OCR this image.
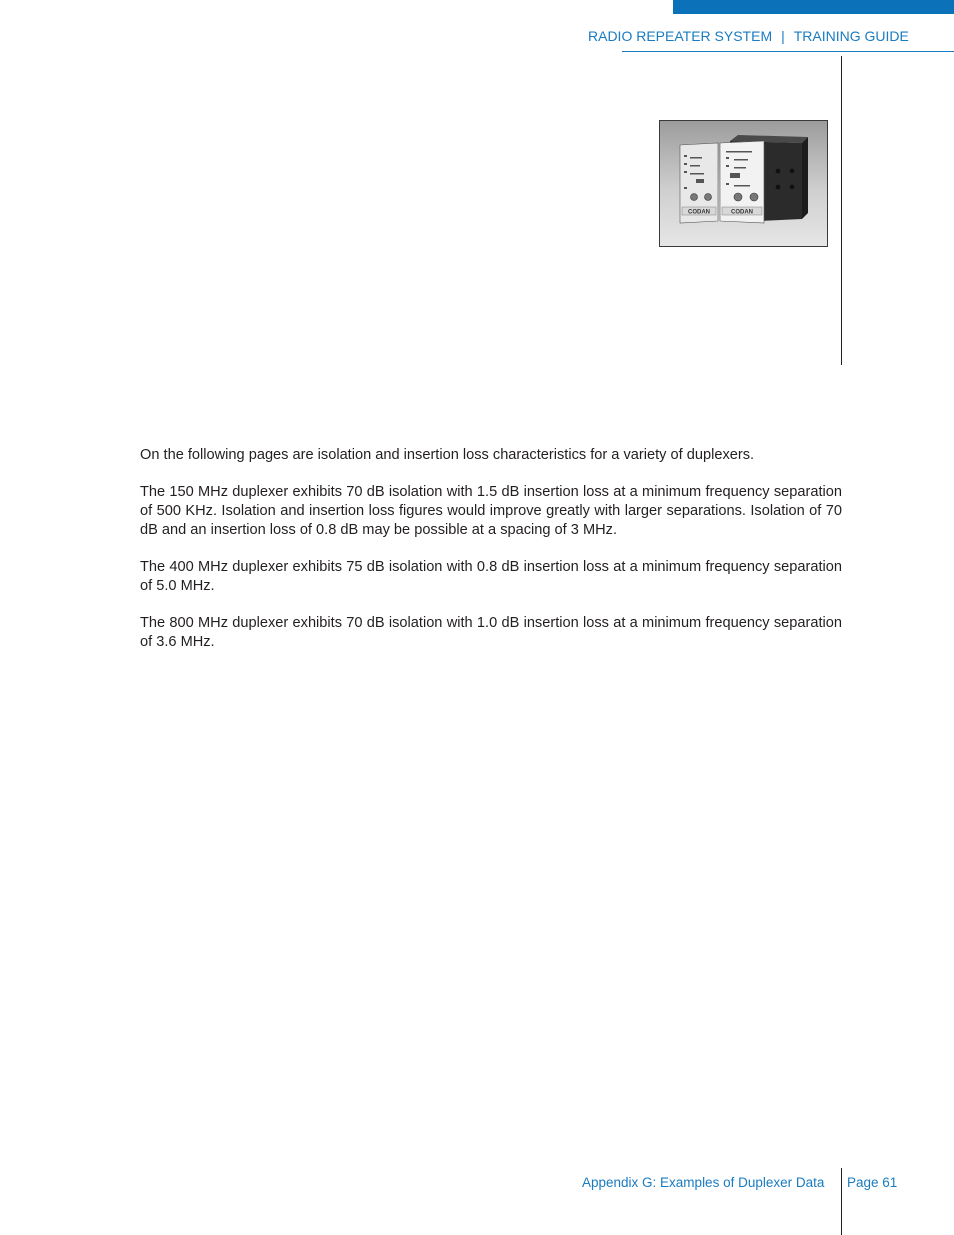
RADIO REPEATER SYSTEM | TRAINING GUIDE
CODAN	CODAN

On the following pages are isolation and insertion loss characteristics for a variety of duplexers.

The 150 MHz duplexer exhibits 70 dB isolation with 1.5 dB insertion loss at a minimum frequency separation of 500 KHz. Isolation and insertion loss figures would improve greatly with larger separations. Isolation of 70 dB and an insertion loss of 0.8 dB may be possible at a spacing of 3 MHz.

The 400 MHz duplexer exhibits 75 dB isolation with 0.8 dB insertion loss at a minimum frequency separation of 5.0 MHz.

The 800 MHz duplexer exhibits 70 dB isolation with 1.0 dB insertion loss at a minimum frequency separation of 3.6 MHz.

Appendix G: Examples of Duplexer Data	Page 61
